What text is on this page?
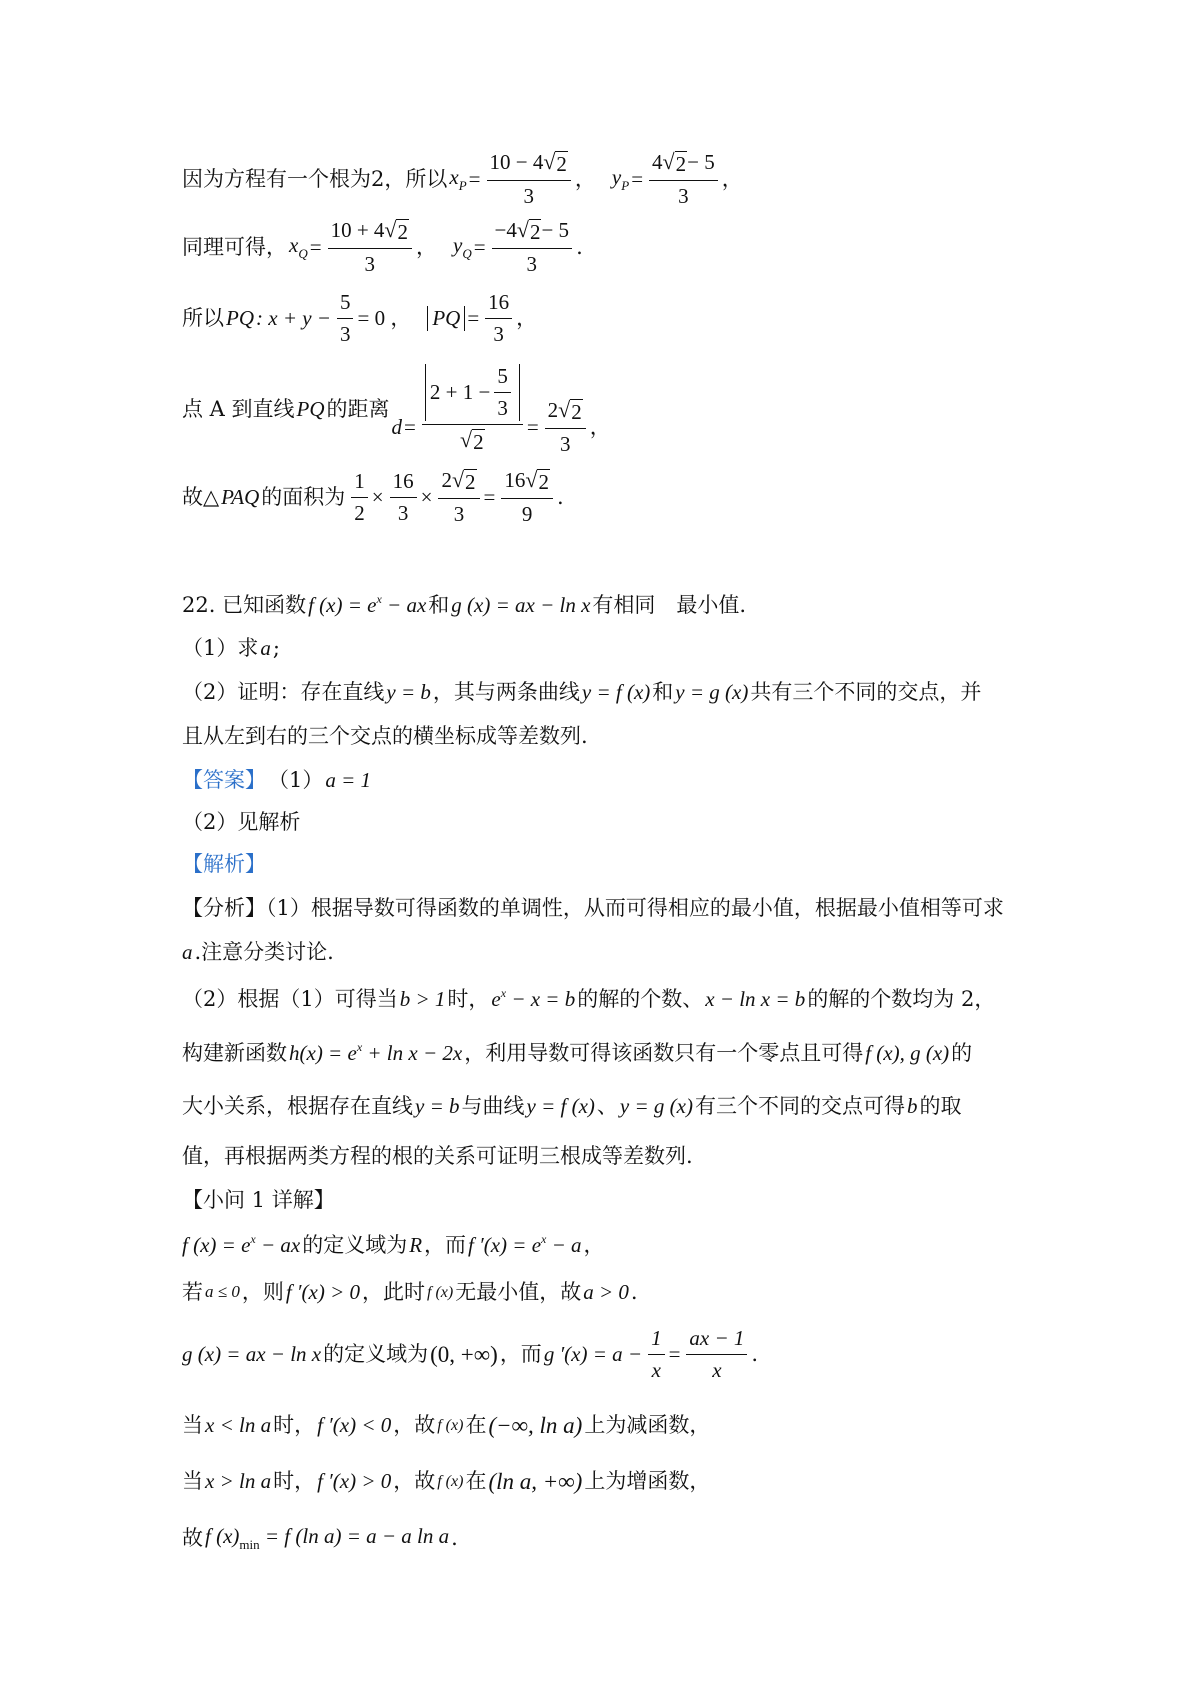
因为方程有一个根为2，所以 $x_P = \frac{10 - 4 √ 2}{3}$ ， $y_P = \frac{4 √ 2 - 5}{3}$ ，
同理可得， $x_Q = \frac{10 + 4 √ 2}{3}$ ， $y_Q = \frac{-4 √ 2 - 5}{3}$ .
所以 PQ : $x + y - \frac{5}{3} = 0$ ， PQ = $\frac{16}{3}$ ，
点 A 到直线 PQ 的距离
$d = \frac{2 + 1 - \frac{5}{3}}{√ 2} = \frac{2 √ 2}{3}$ ，
故△ PAQ 的面积为 $\frac{1}{2} \times \frac{16}{3} \times \frac{2 √ 2}{3} = \frac{16 √ 2}{9}$ .
22. 已知函数 f $(x) = e^x$ − ax 和 g (x) = ax − ln x 有相同　最小值.
（1）求 a ;
（2）证明：存在直线 y = b ，其与两条曲线 y = f (x) 和 y = g (x) 共有三个不同的交点，并
且从左到右的三个交点的横坐标成等差数列.
【答案】 （1） a = 1
（2）见解析
【解析】
【分析】（1）根据导数可得函数的单调性，从而可得相应的最小值，根据最小值相等可求
a .注意分类讨论.
（2）根据（1）可得当 b > 1 时， $e^x - x = b$ 的解的个数、 x − ln x = b 的解的个数均为 2，
构建新函数 $h(x) = e^x + \ln x - 2x$ ，利用导数可得该函数只有一个零点且可得 f (x), g (x) 的
大小关系，根据存在直线 y = b 与曲线 y = f (x) 、 y = g (x) 有三个不同的交点可得 b 的取
值，再根据两类方程的根的关系可证明三根成等差数列.
【小问 1 详解】
f $(x) = e^x$ − ax 的定义域为 R ，而 f $'(x) = e^x - a$ ，
若 a ≤ 0 ，则 f ′(x) > 0 ，此时 f (x) 无最小值，故 a > 0 .
g (x) = ax − ln x 的定义域为 (0, +∞) ，而 g $'(x) = a - \frac{1}{x} = \frac{ax - 1}{x}$ .
当 x < ln a 时， f ′(x) < 0 ，故 f (x) 在 (−∞, ln a) 上为减函数，
当 x > ln a 时， f ′(x) > 0 ，故 f (x) 在 (ln a, +∞) 上为增函数，
故 f $(x)_{min} = f$ (ln a) = a − a ln a .
